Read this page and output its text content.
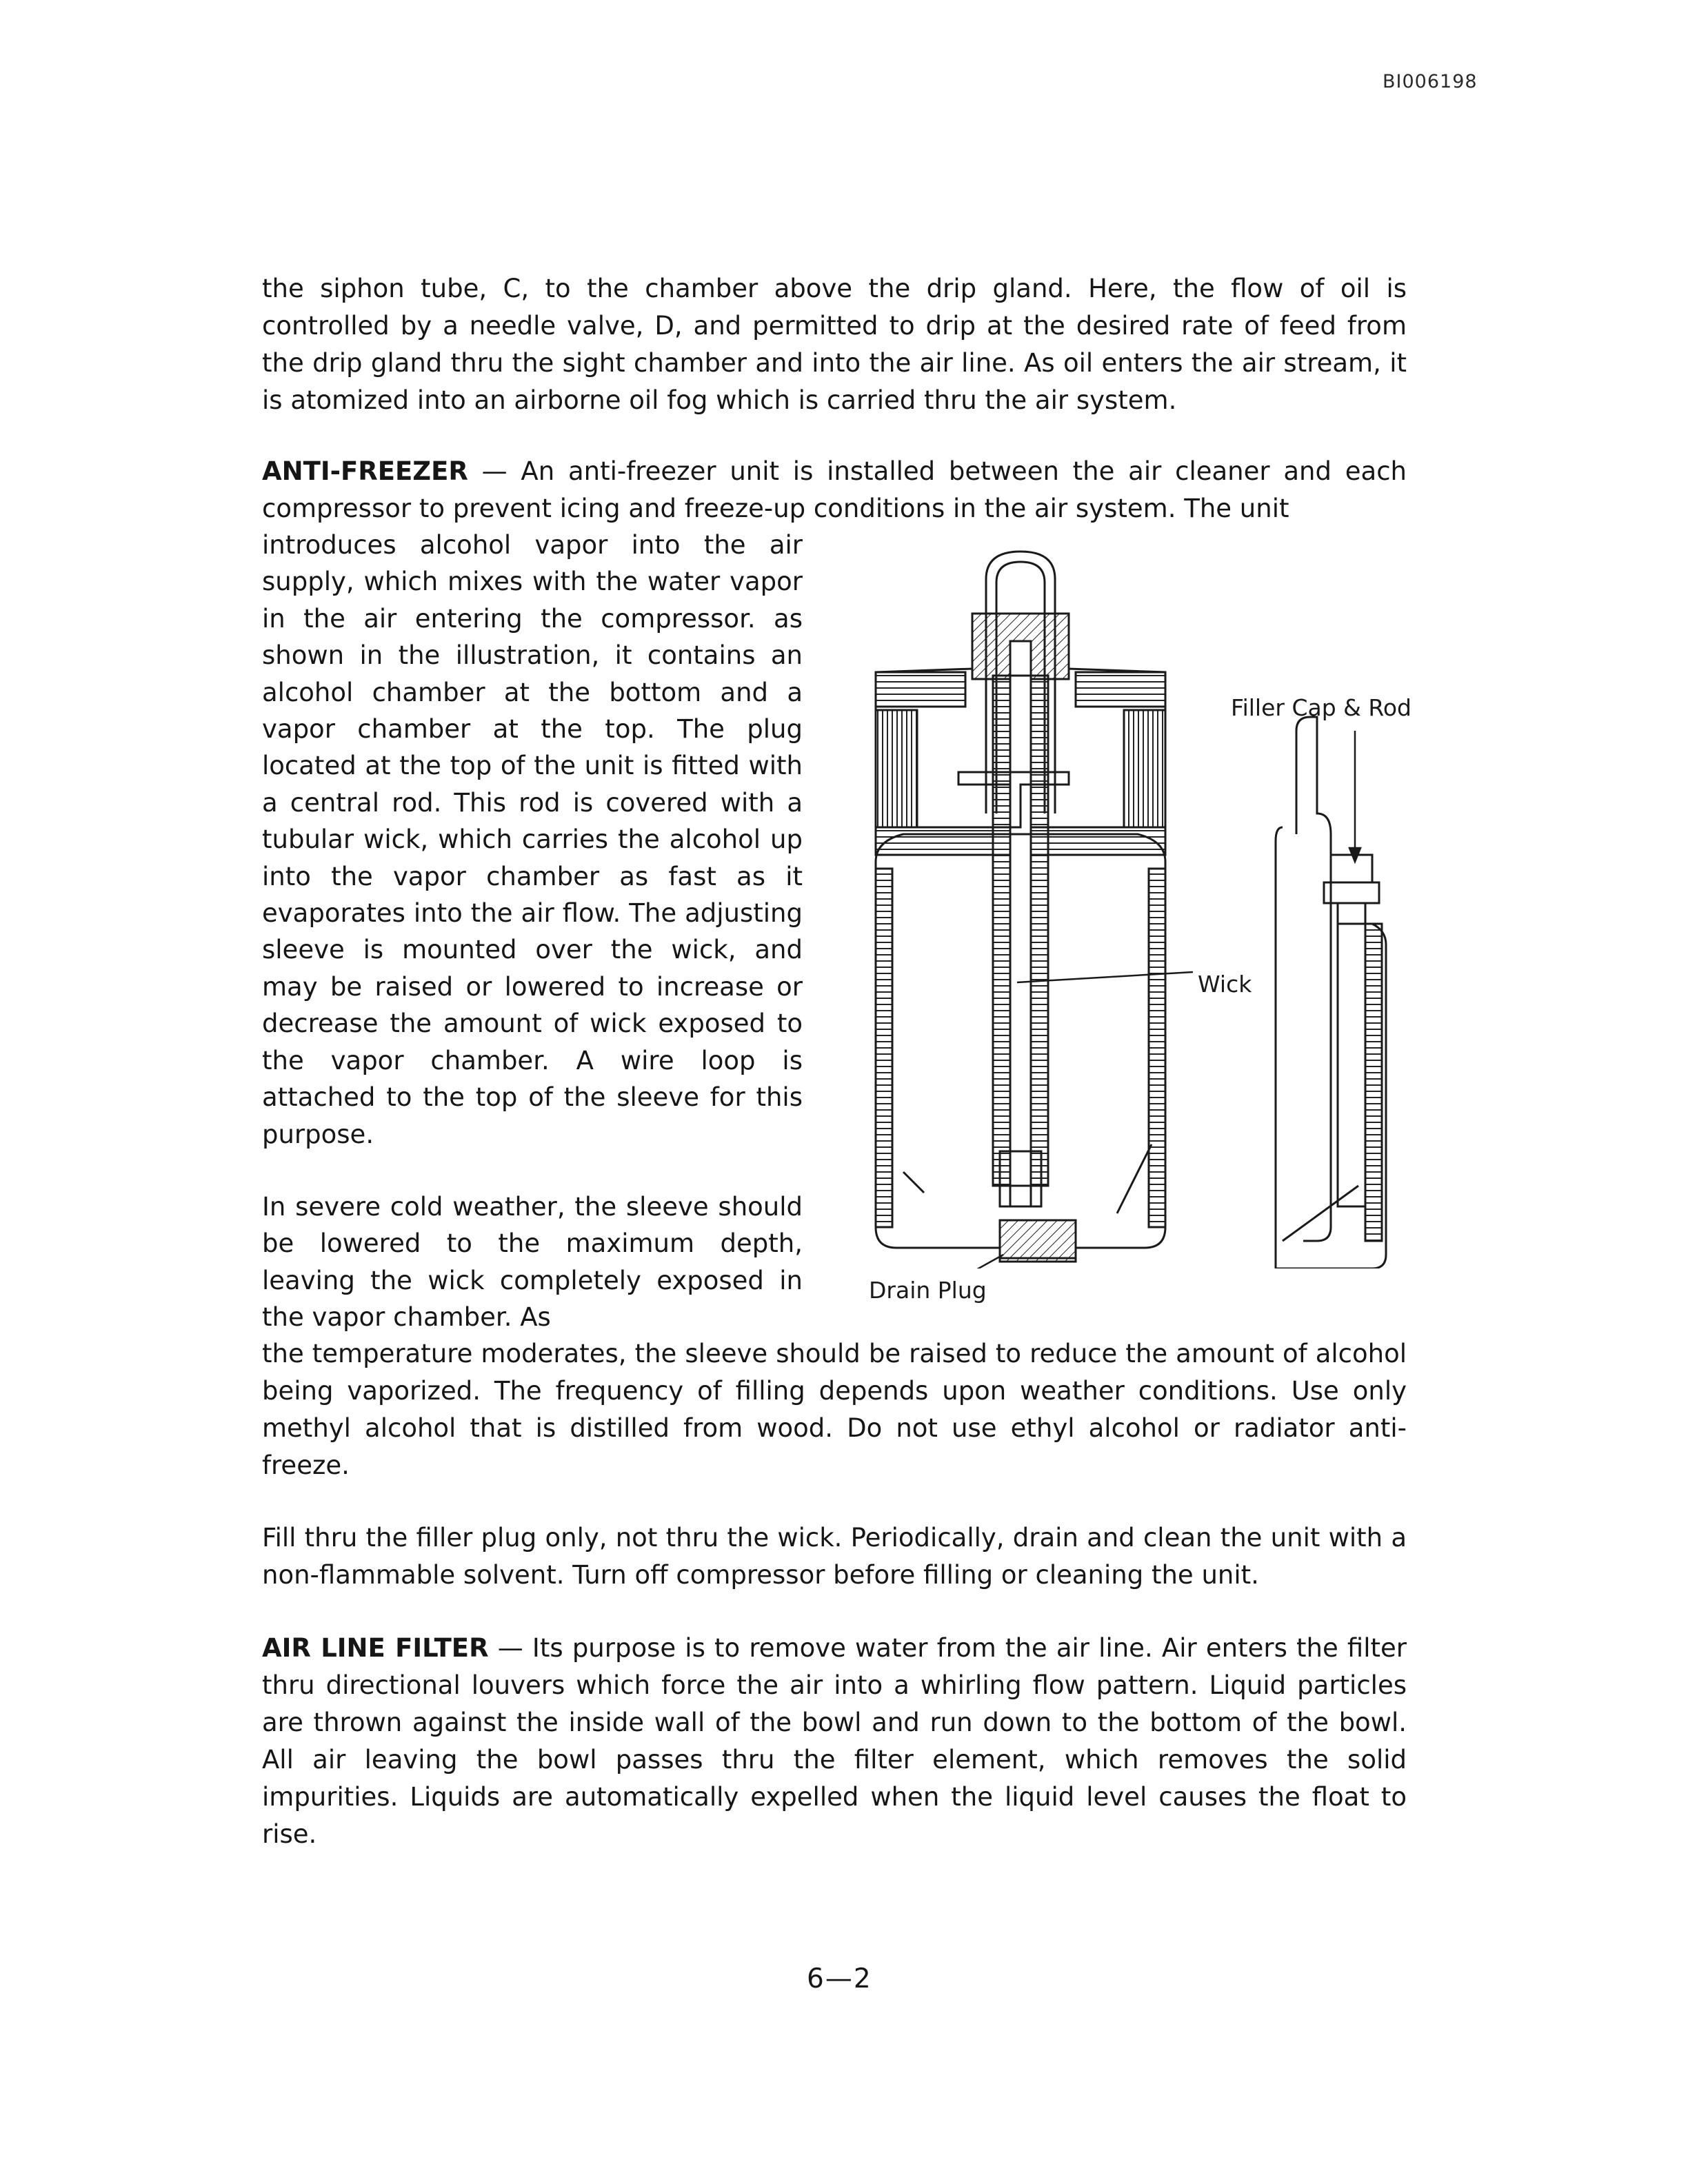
BI006198

the siphon tube, C, to the chamber above the drip gland. Here, the flow of oil is controlled by a needle valve, D, and permitted to drip at the desired rate of feed from the drip gland thru the sight chamber and into the air line. As oil enters the air stream, it is atomized into an airborne oil fog which is carried thru the air system.

ANTI-FREEZER — An anti-freezer unit is installed between the air cleaner and each compressor to prevent icing and freeze-up conditions in the air system. The unit

introduces alcohol vapor into the air supply, which mixes with the water vapor in the air entering the compressor. as shown in the illustration, it contains an alcohol chamber at the bottom and a vapor chamber at the top. The plug located at the top of the unit is fitted with a central rod. This rod is covered with a tubular wick, which carries the alcohol up into the vapor chamber as fast as it evaporates into the air flow. The adjusting sleeve is mounted over the wick, and may be raised or lowered to increase or decrease the amount of wick exposed to the vapor chamber. A wire loop is attached to the top of the sleeve for this purpose.

In severe cold weather, the sleeve should be lowered to the maximum depth, leaving the wick completely exposed in the vapor chamber. As

the temperature moderates, the sleeve should be raised to reduce the amount of alcohol being vaporized. The frequency of filling depends upon weather conditions. Use only methyl alcohol that is distilled from wood. Do not use ethyl alcohol or radiator anti-freeze.

Fill thru the filler plug only, not thru the wick. Periodically, drain and clean the unit with a non-flammable solvent. Turn off compressor before filling or cleaning the unit.

AIR LINE FILTER — Its purpose is to remove water from the air line. Air enters the filter thru directional louvers which force the air into a whirling flow pattern. Liquid particles are thrown against the inside wall of the bowl and run down to the bottom of the bowl. All air leaving the bowl passes thru the filter element, which removes the solid impurities. Liquids are automatically expelled when the liquid level causes the float to rise.

Filler Cap & Rod
Wick
Drain Plug
6—2
